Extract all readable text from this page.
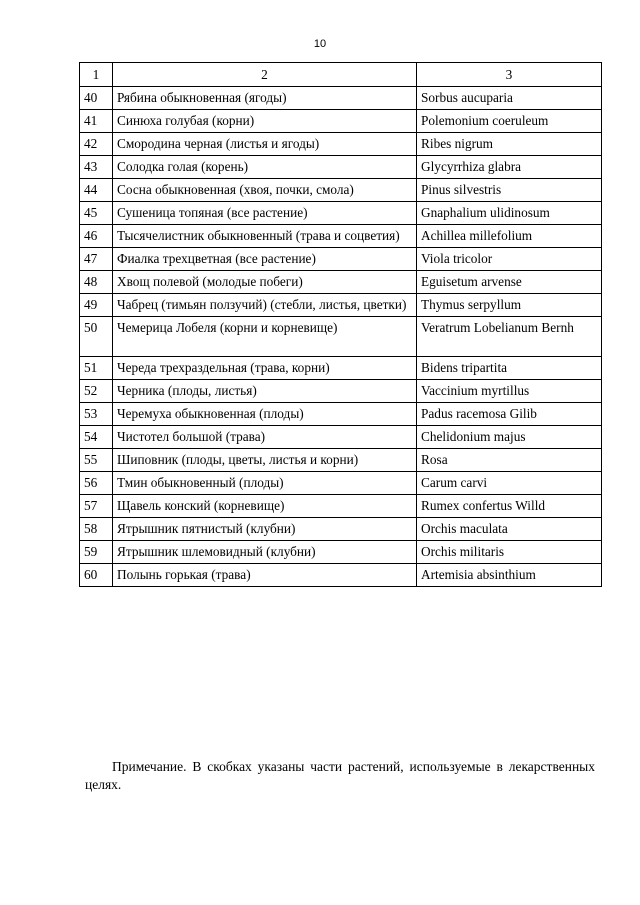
10
1	2	3
40	Рябина обыкновенная (ягоды)	Sorbus aucuparia
41	Синюха голубая (корни)	Polemonium coeruleum
42	Смородина черная (листья и ягоды)	Ribes nigrum
43	Солодка голая (корень)	Glycyrrhiza glabra
44	Сосна обыкновенная (хвоя, почки, смола)	Pinus silvestris
45	Сушеница топяная (все растение)	Gnaphalium ulidinosum
46	Тысячелистник обыкновенный (трава и соцветия)	Achillea millefolium
47	Фиалка трехцветная (все растение)	Viola tricolor
48	Хвощ полевой (молодые побеги)	Eguisetum arvense
49	Чабрец (тимьян ползучий) (стебли, листья, цветки)	Thymus serpyllum
50	Чемерица Лобеля (корни и корневище)	Veratrum Lobelianum Bernh
51	Череда трехраздельная (трава, корни)	Bidens tripartita
52	Черника (плоды, листья)	Vaccinium myrtillus
53	Черемуха обыкновенная (плоды)	Padus racemosa Gilib
54	Чистотел большой (трава)	Chelidonium majus
55	Шиповник (плоды, цветы, листья и корни)	Rosa
56	Тмин обыкновенный (плоды)	Carum carvi
57	Щавель конский (корневище)	Rumex confertus Willd
58	Ятрышник пятнистый (клубни)	Orchis maculata
59	Ятрышник шлемовидный (клубни)	Orchis militaris
60	Полынь горькая (трава)	Artemisia absinthium
Примечание. В скобках указаны части растений, используемые в лекарственных целях.
